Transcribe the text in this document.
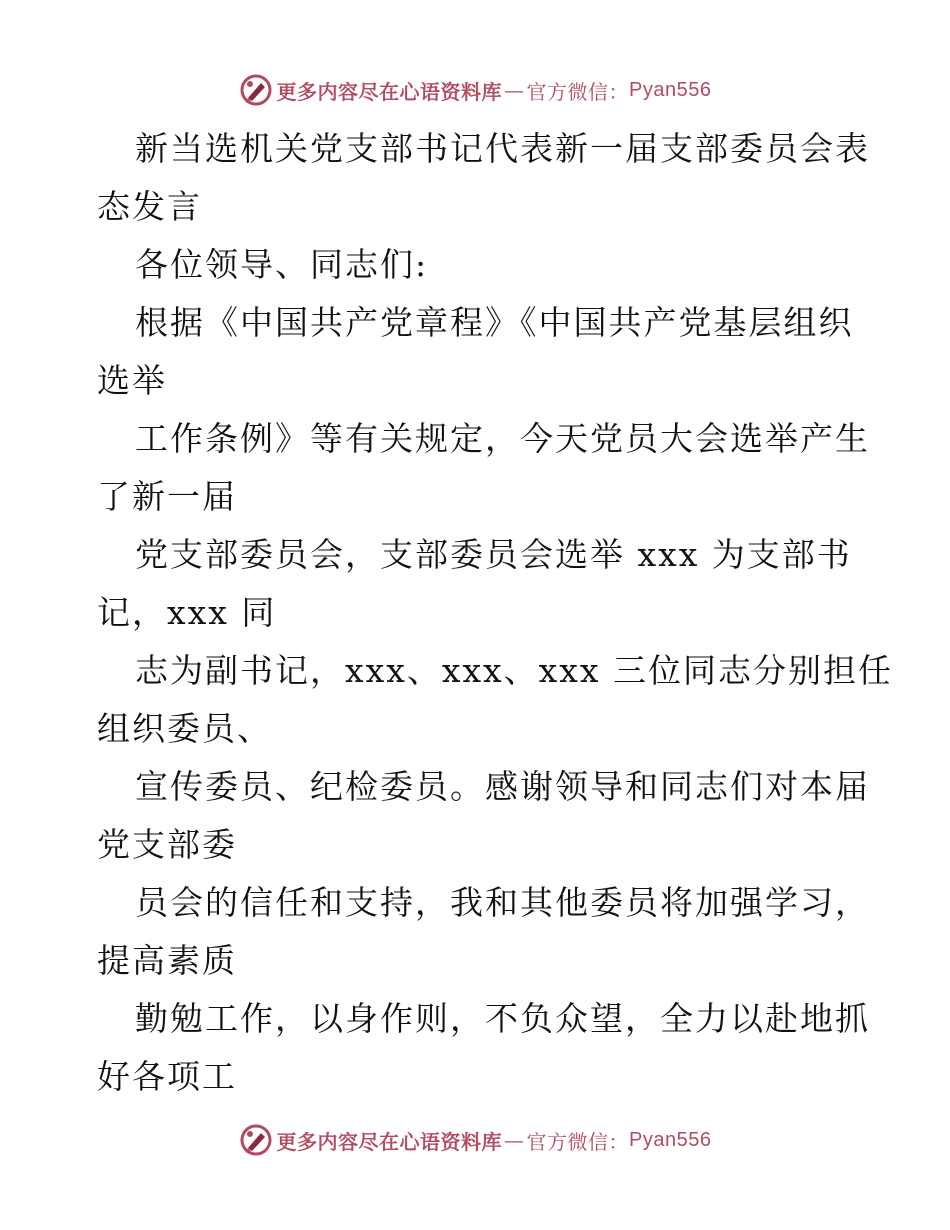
更多内容尽在心语资料库 — 官方微信： Pyan556

新当选机关党支部书记代表新一届支部委员会表
态发言

各位领导、同志们:

根据《中国共产党章程》《中国共产党基层组织
选举

工作条例》等有关规定，今天党员大会选举产生
了新一届

党支部委员会，支部委员会选举 xxx 为支部书
记，xxx 同

志为副书记，xxx、xxx、xxx 三位同志分别担任
组织委员、

宣传委员、纪检委员。感谢领导和同志们对本届
党支部委

员会的信任和支持，我和其他委员将加强学习，
提高素质

勤勉工作，以身作则，不负众望，全力以赴地抓
好各项工

更多内容尽在心语资料库 — 官方微信： Pyan556
